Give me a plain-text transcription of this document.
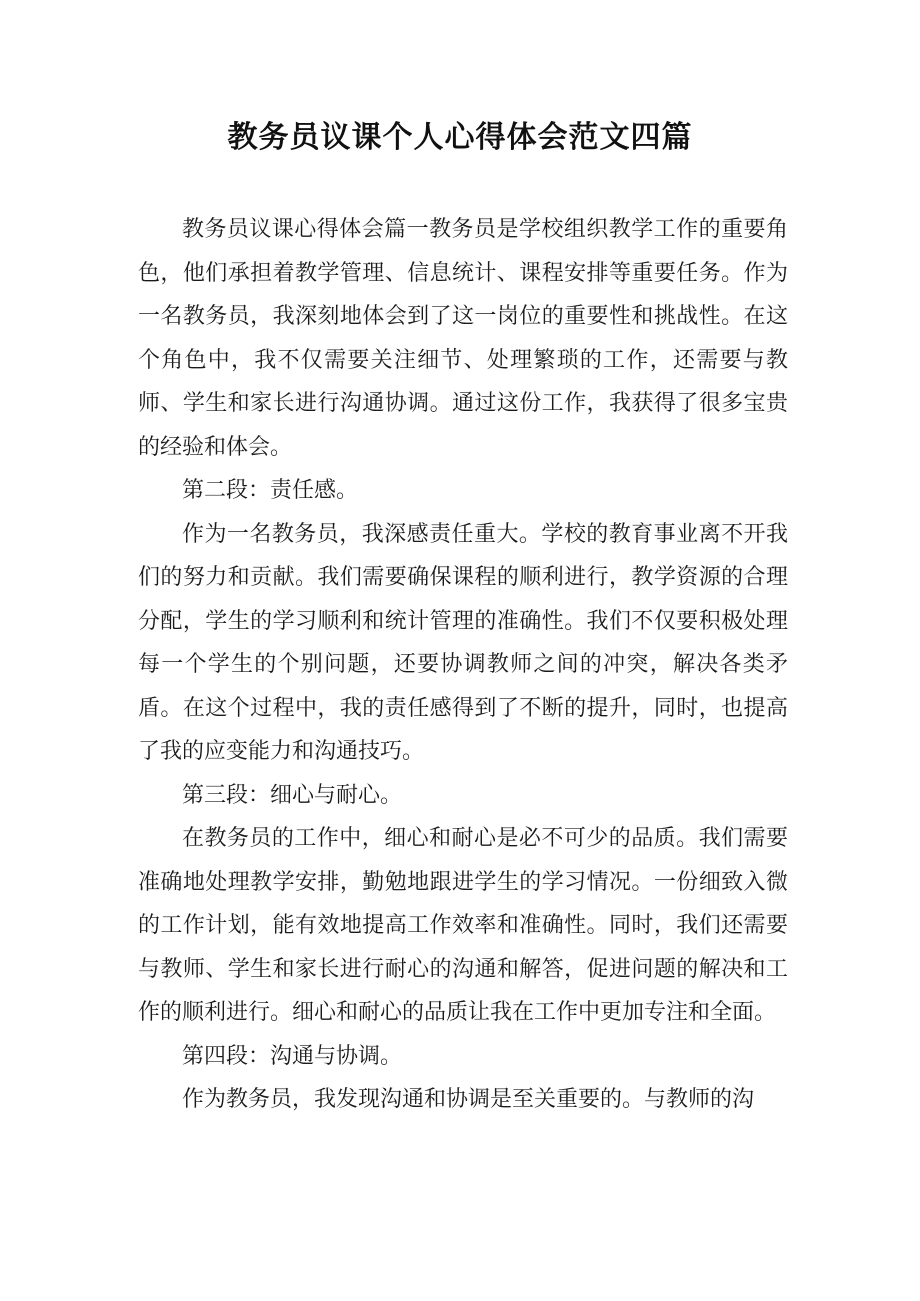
教务员议课个人心得体会范文四篇

教务员议课心得体会篇一教务员是学校组织教学工作的重要角色，他们承担着教学管理、信息统计、课程安排等重要任务。作为一名教务员，我深刻地体会到了这一岗位的重要性和挑战性。在这个角色中，我不仅需要关注细节、处理繁琐的工作，还需要与教师、学生和家长进行沟通协调。通过这份工作，我获得了很多宝贵的经验和体会。

第二段：责任感。

作为一名教务员，我深感责任重大。学校的教育事业离不开我们的努力和贡献。我们需要确保课程的顺利进行，教学资源的合理分配，学生的学习顺利和统计管理的准确性。我们不仅要积极处理每一个学生的个别问题，还要协调教师之间的冲突，解决各类矛盾。在这个过程中，我的责任感得到了不断的提升，同时，也提高了我的应变能力和沟通技巧。

第三段：细心与耐心。

在教务员的工作中，细心和耐心是必不可少的品质。我们需要准确地处理教学安排，勤勉地跟进学生的学习情况。一份细致入微的工作计划，能有效地提高工作效率和准确性。同时，我们还需要与教师、学生和家长进行耐心的沟通和解答，促进问题的解决和工作的顺利进行。细心和耐心的品质让我在工作中更加专注和全面。

第四段：沟通与协调。

作为教务员，我发现沟通和协调是至关重要的。与教师的沟
